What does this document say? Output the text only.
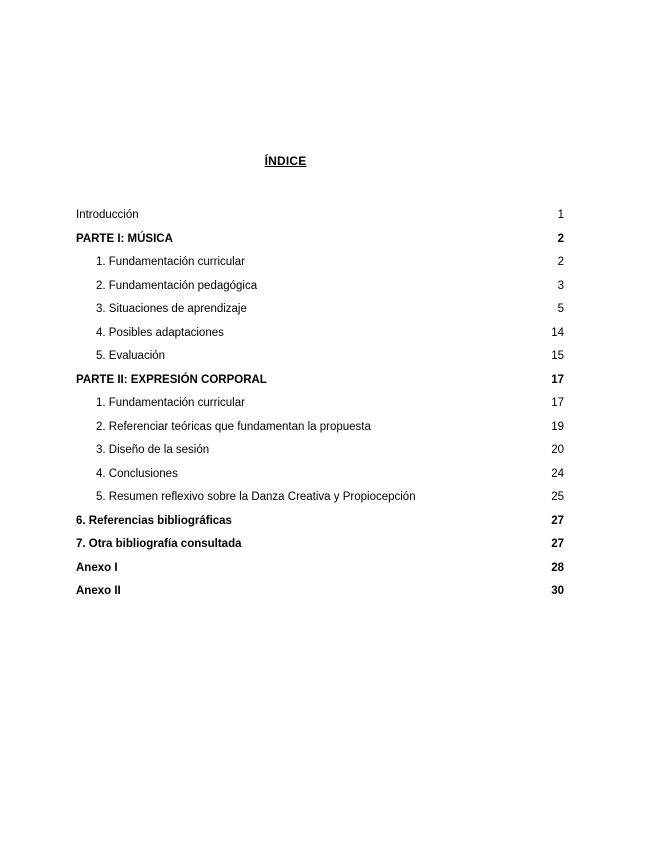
ÍNDICE
Introducción	1
PARTE I: MÚSICA	2
1. Fundamentación curricular	2
2. Fundamentación pedagógica	3
3. Situaciones de aprendizaje	5
4. Posibles adaptaciones	14
5. Evaluación	15
PARTE II: EXPRESIÓN CORPORAL	17
1. Fundamentación curricular	17
2. Referenciar teóricas que fundamentan la propuesta	19
3. Diseño de la sesión	20
4. Conclusiones	24
5. Resumen reflexivo sobre la Danza Creativa y Propiocepción	25
6. Referencias bibliográficas	27
7. Otra bibliografía consultada	27
Anexo I	28
Anexo II	30
